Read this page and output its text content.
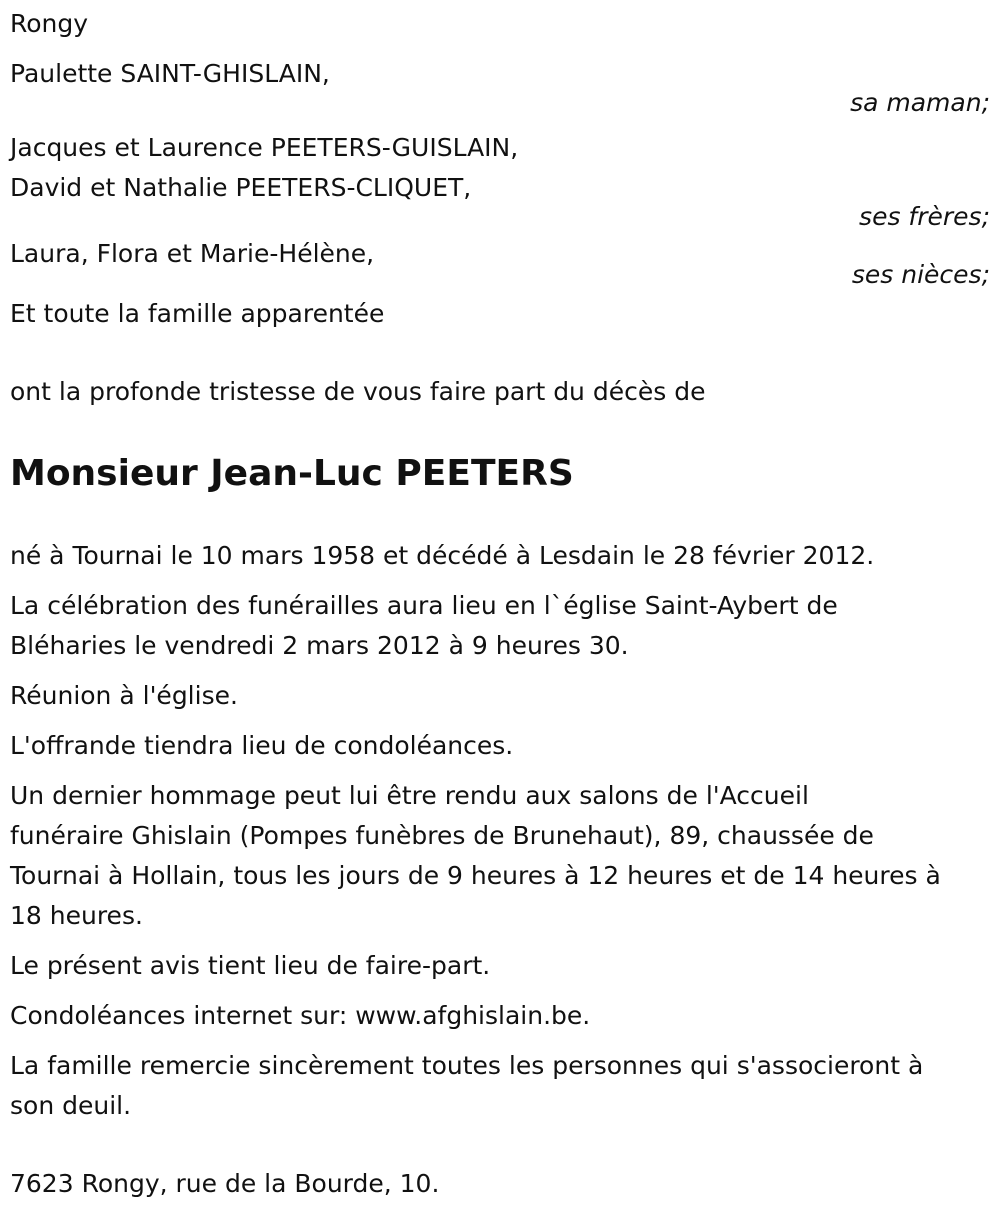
Rongy
Paulette SAINT-GHISLAIN,
sa maman;
Jacques et Laurence PEETERS-GUISLAIN,
David et Nathalie PEETERS-CLIQUET,
ses frères;
Laura, Flora et Marie-Hélène,
ses nièces;
Et toute la famille apparentée
ont la profonde tristesse de vous faire part du décès de
Monsieur Jean-Luc PEETERS
né à Tournai le 10 mars 1958 et décédé à Lesdain le 28 février 2012.
La célébration des funérailles aura lieu en l`église Saint-Aybert de
Bléharies le vendredi 2 mars 2012 à 9 heures 30.
Réunion à l'église.
L'offrande tiendra lieu de condoléances.
Un dernier hommage peut lui être rendu aux salons de l'Accueil
funéraire Ghislain (Pompes funèbres de Brunehaut), 89, chaussée de
Tournai à Hollain, tous les jours de 9 heures à 12 heures et de 14 heures à
18 heures.
Le présent avis tient lieu de faire-part.
Condoléances internet sur: www.afghislain.be.
La famille remercie sincèrement toutes les personnes qui s'associeront à
son deuil.
7623 Rongy, rue de la Bourde, 10.
